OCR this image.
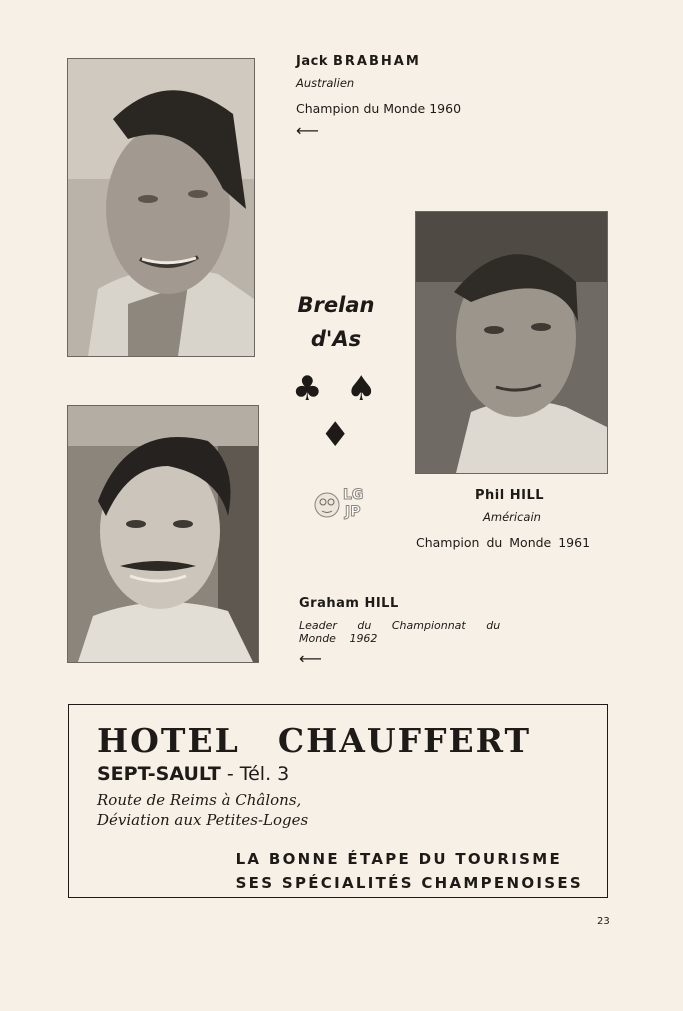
Jack BRABHAM
Australien
Champion du Monde 1960
⟵
Brelan
d'As
♣ ♠
♦
LG
JP
Phil HILL
Américain
Champion du Monde 1961
Graham HILL
Leader du Championnat du
Monde 1962
⟵
HOTEL CHAUFFERT
SEPT-SAULT - Tél. 3
Route de Reims à Châlons,
Déviation aux Petites-Loges
LA BONNE ÉTAPE DU TOURISME
SES SPÉCIALITÉS CHAMPENOISES
23
